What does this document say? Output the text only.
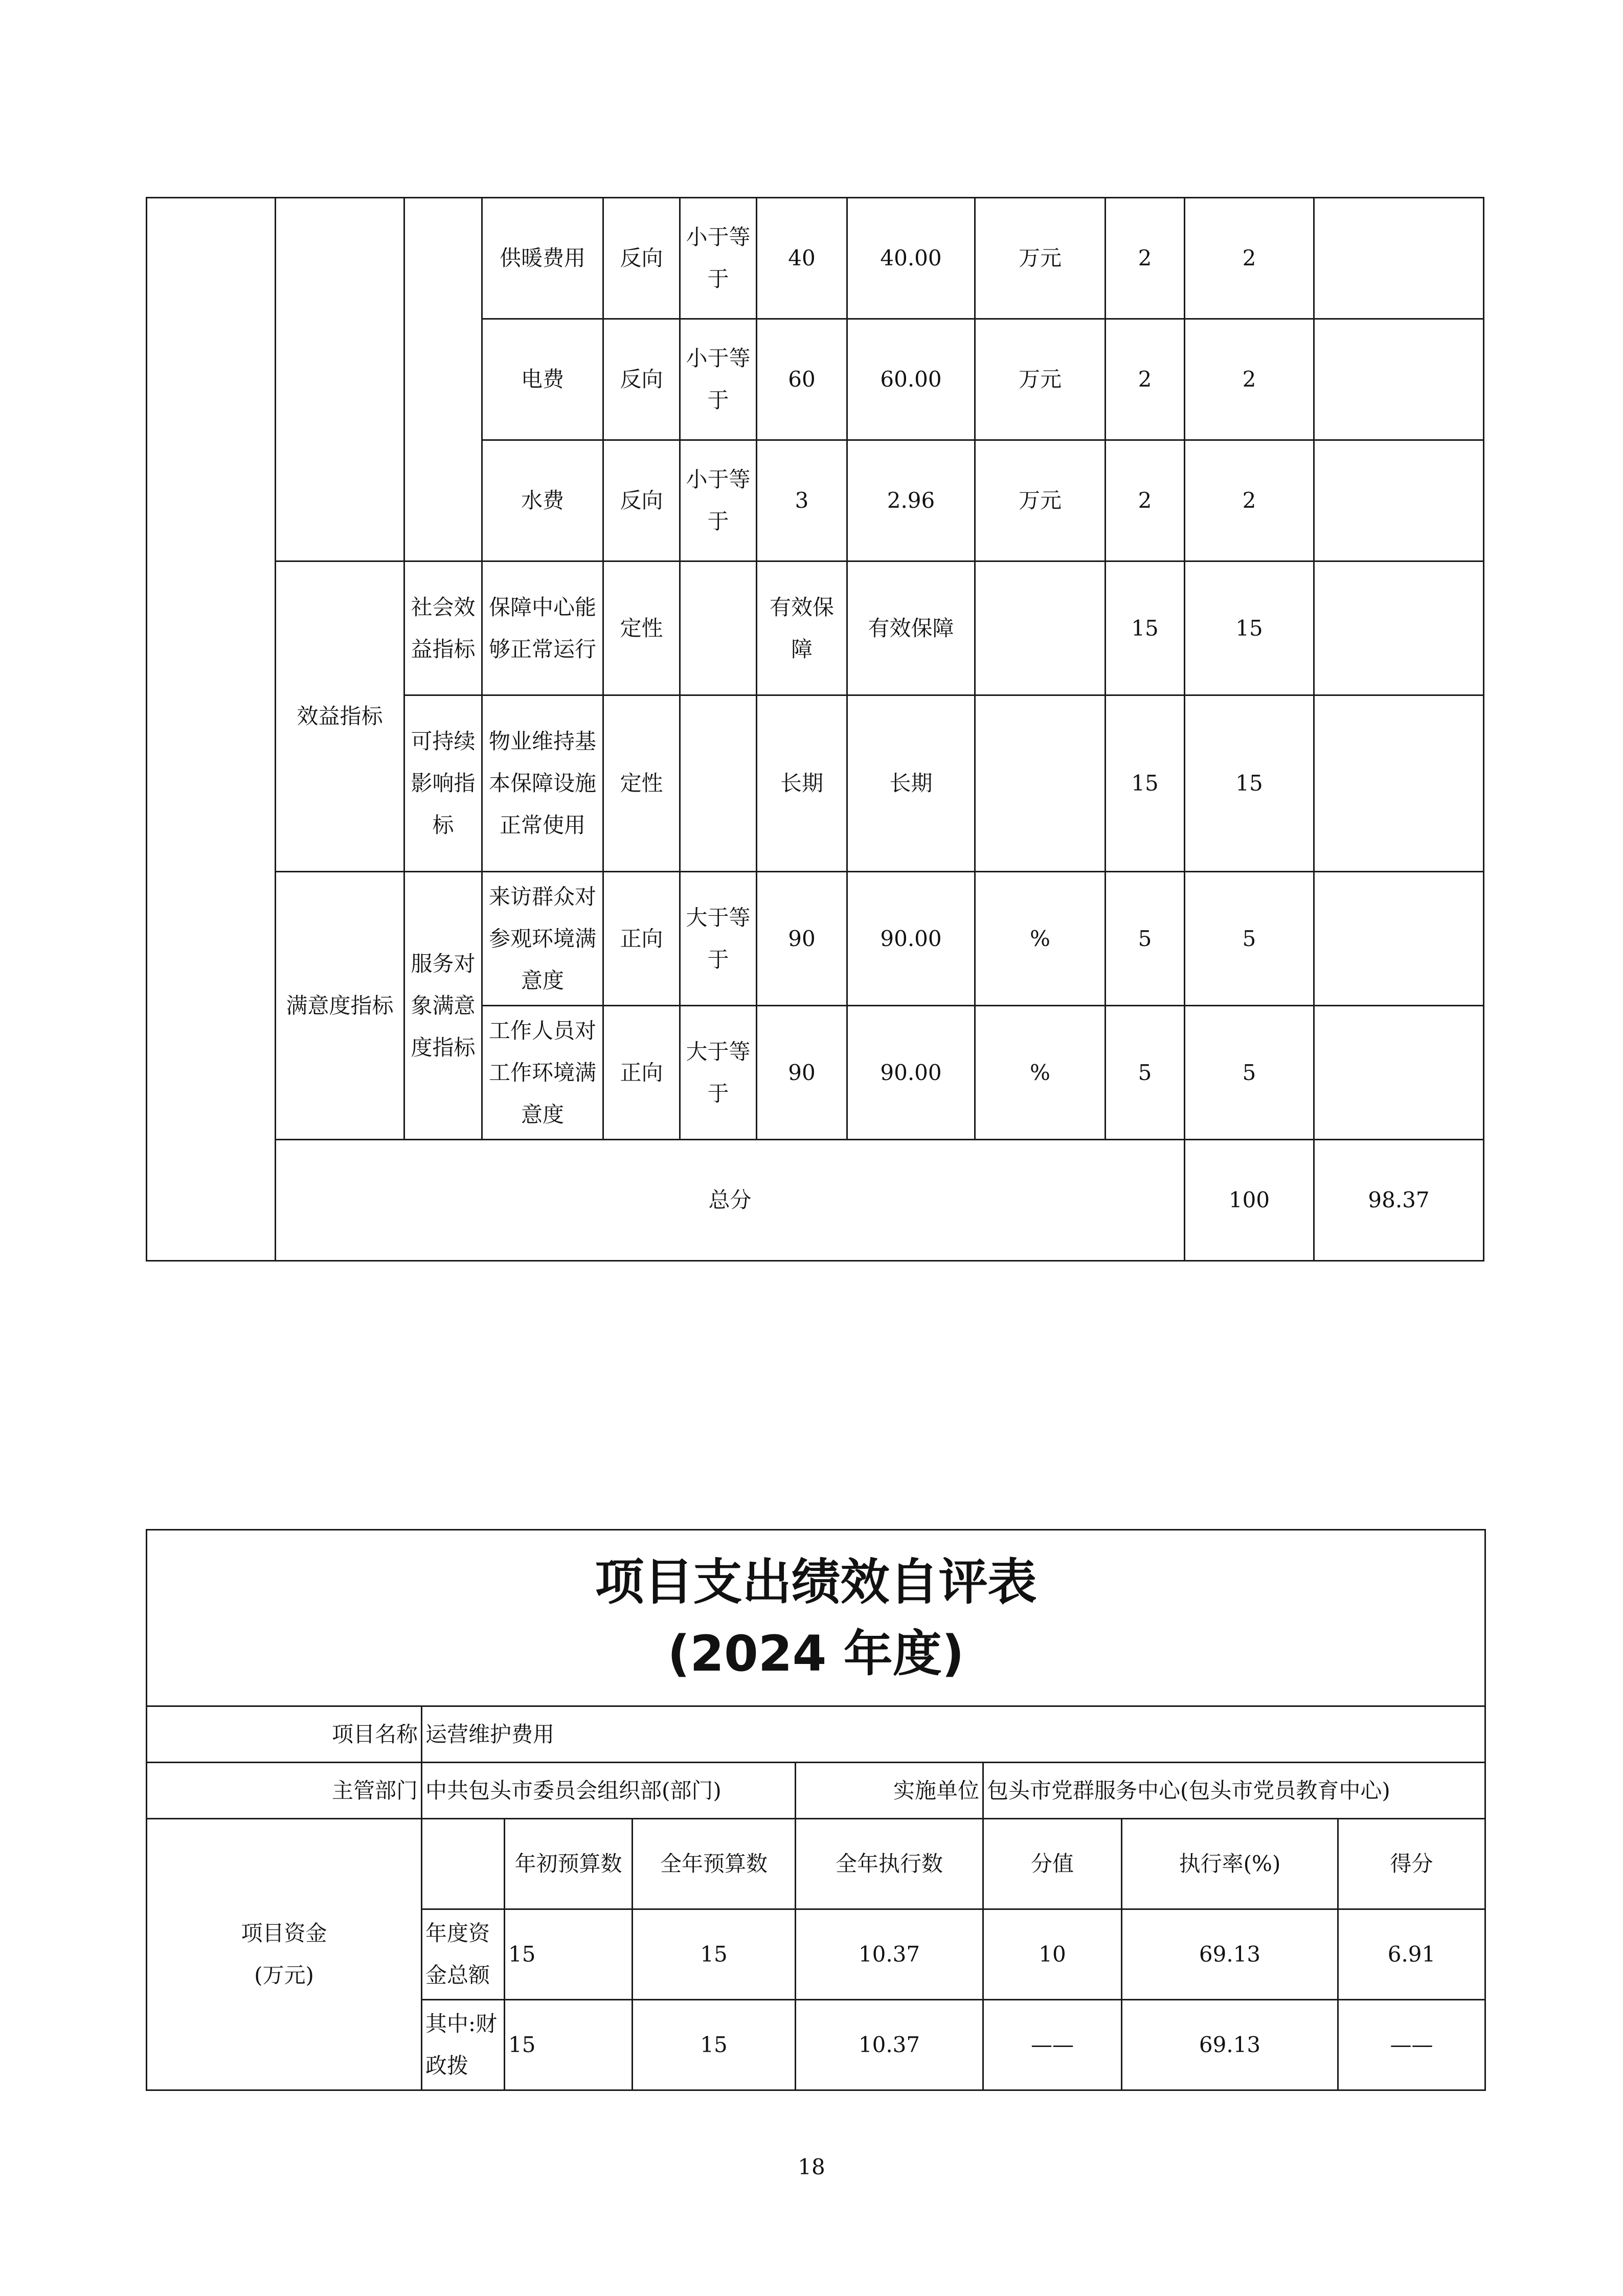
			供暖费用	反向	小于等于	40	40.00	万元	2	2		
			电费	反向	小于等于	60	60.00	万元	2	2		
			水费	反向	小于等于	3	2.96	万元	2	2		
	效益指标	社会效益指标	保障中心能够正常运行	定性		有效保障	有效保障		15	15		
		可持续影响指标	物业维持基本保障设施正常使用	定性		长期	长期		15	15		
	满意度指标	服务对象满意度指标	来访群众对参观环境满意度	正向	大于等于	90	90.00	%	5	5		
			工作人员对工作环境满意度	正向	大于等于	90	90.00	%	5	5		
	总分									100	98.37	
项目支出绩效自评表
(2024 年度)							

项目名称	运营维护费用						
主管部门	中共包头市委员会组织部(部门)			实施单位	包头市党群服务中心(包头市党员教育中心)		

项目资金
(万元)		年初预算数	全年预算数	全年执行数	分值	执行率(%)	得分
	年度资金总额	15	15	10.37	10	69.13	6.91
	其中:财政拨	15	15	10.37	——	69.13	——
18
